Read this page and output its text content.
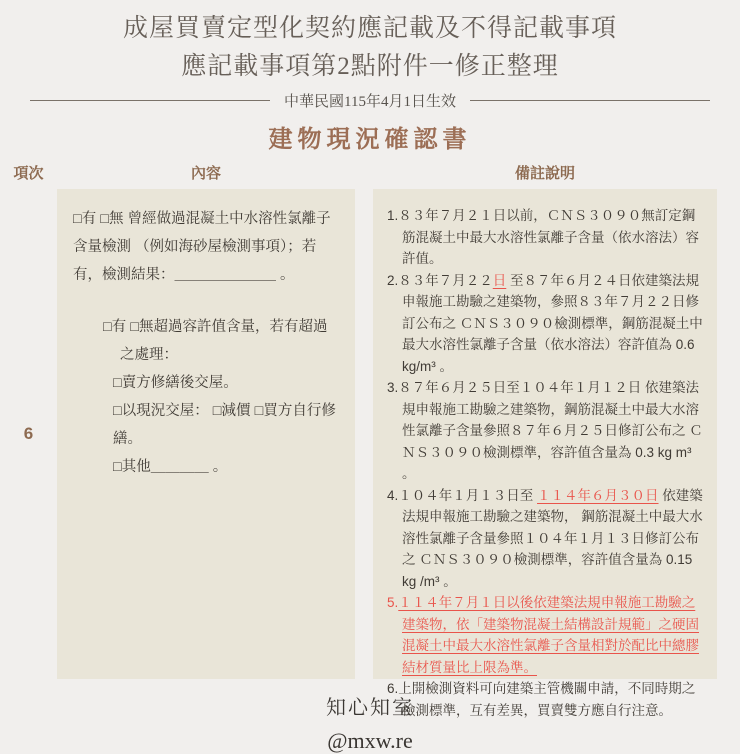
成屋買賣定型化契約應記載及不得記載事項
應記載事項第2點附件一修正整理
中華民國115年4月1日生效
建物現況確認書
項次	內容	備註說明
6
□有 □無 曾經做過混凝土中水溶性氯離子含量檢測 （例如海砂屋檢測事項）；若有，檢測結果：＿＿＿＿＿＿＿ 。
□有 □無超過容許值含量，若有超過之處理：
□賣方修繕後交屋。
□以現況交屋： □減價 □買方自行修繕。
□其他＿＿＿＿ 。
1.８３年７月２１日以前，ＣＮＳ３０９０無訂定鋼筋混凝土中最大水溶性氯離子含量（依水溶法）容許值。
2.８３年７月２２日 至８７年６月２４日依建築法規申報施工勘驗之建築物，參照８３年７月２２日修訂公布之 ＣＮＳ３０９０檢測標準，鋼筋混凝土中最大水溶性氯離子含量（依水溶法）容許值為 0.6 kg/m³ 。
3.８７年６月２５日至１０４年１月１２日 依建築法規申報施工勘驗之建築物，鋼筋混凝土中最大水溶性氯離子含量參照８７年６月２５日修訂公布之 ＣＮＳ３０９０檢測標準，容許值含量為 0.3 kg m³ 。
4.１０４年１月１３日至 １１４年６月３０日 依建築法規申報施工勘驗之建築物， 鋼筋混凝土中最大水溶性氯離子含量參照１０４年１月１３日修訂公布之 ＣＮＳ３０９０檢測標準，容許值含量為 0.15 kg /m³ 。
5.１１４年７月１日以後依建築法規申報施工勘驗之建築物，依「建築物混凝土結構設計規範」之硬固混凝土中最大水溶性氯離子含量相對於配比中總膠結材質量比上限為準。
6.上開檢測資料可向建築主管機關申請，不同時期之檢測標準，互有差異，買賣雙方應自行注意。
知心知室
@mxw.re
